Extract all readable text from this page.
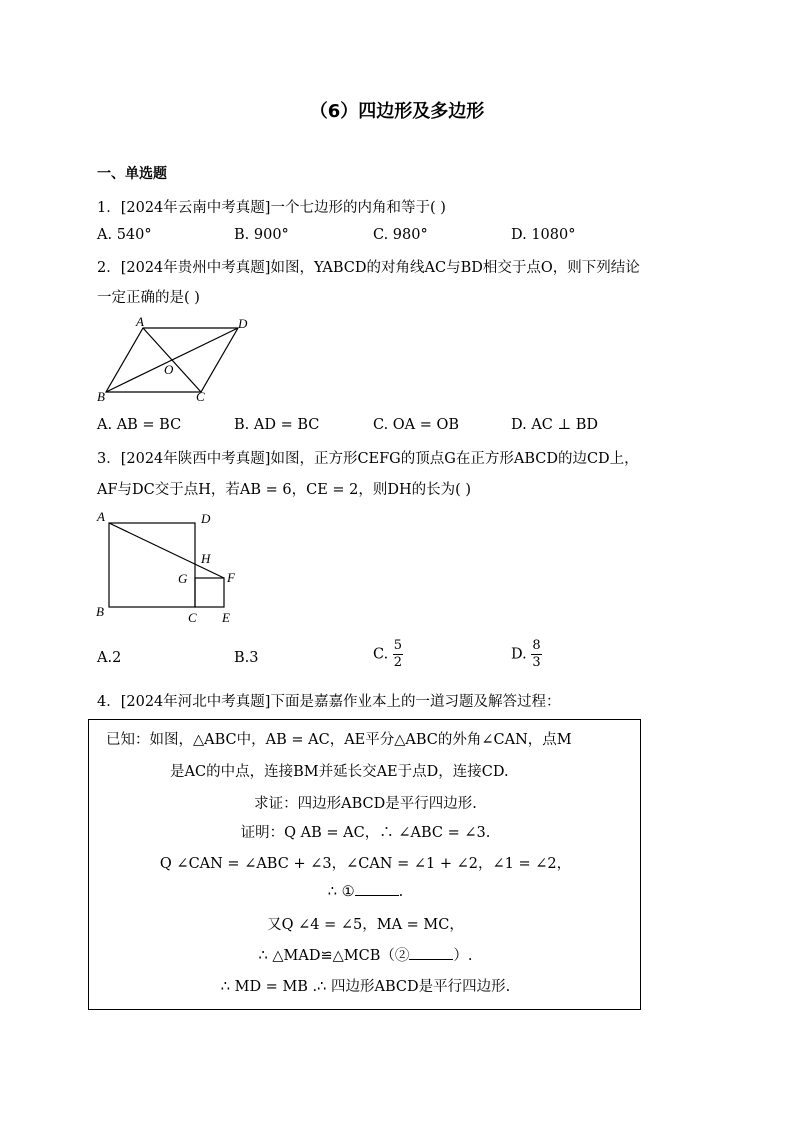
（6）四边形及多边形
一、单选题
1．[2024年云南中考真题]一个七边形的内角和等于( )
A. 540°	B. 900°	C. 980°	D. 1080°
2．[2024年贵州中考真题]如图，YABCD的对角线AC与BD相交于点O，则下列结论
一定正确的是( )
A	D
O
B	C
A. AB = BC	B. AD = BC	C. OA = OB	D. AC ⊥ BD
3．[2024年陕西中考真题]如图，正方形CEFG的顶点G在正方形ABCD的边CD上，
AF与DC交于点H，若AB = 6，CE = 2，则DH的长为( )
A	D
H
G	F
B	C E
A.2	B.3	C. $\frac{5}{2}$	D. $\frac{8}{3}$
4．[2024年河北中考真题]下面是嘉嘉作业本上的一道习题及解答过程：
已知：如图，△ABC中，AB = AC，AE平分△ABC的外角∠CAN，点M
是AC的中点，连接BM并延长交AE于点D，连接CD.
求证：四边形ABCD是平行四边形.
证明：Q AB = AC，∴ ∠ABC = ∠3.
Q ∠CAN = ∠ABC + ∠3，∠CAN = ∠1 + ∠2，∠1 = ∠2，
∴ ①	.
又Q ∠4 = ∠5，MA = MC，
∴ △MAD≌△MCB（②	）.
∴ MD = MB .∴ 四边形ABCD是平行四边形.
